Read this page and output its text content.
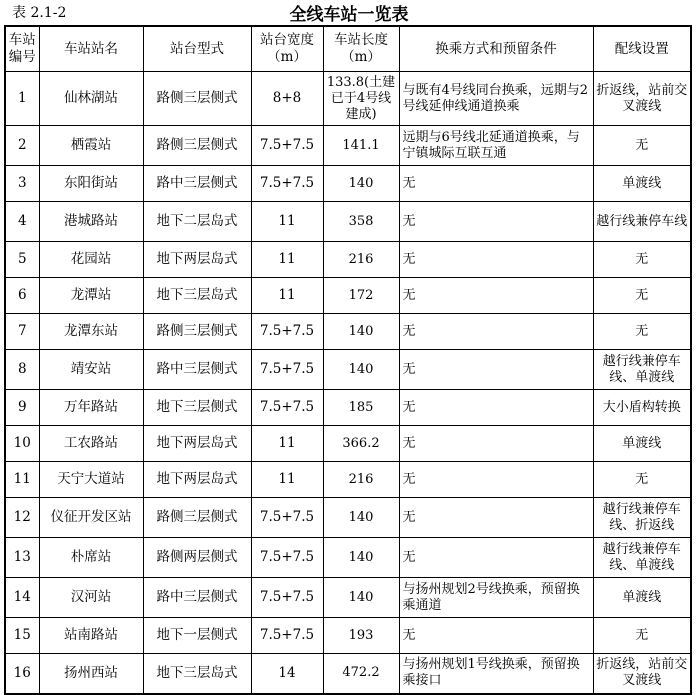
表 2.1-2	全线车站一览表
车站编号	车站站名	站台型式	站台宽度（m）	车站长度（m）	换乘方式和预留条件	配线设置
1	仙林湖站	路侧三层侧式	8+8	133.8(土建已于4号线建成)	与既有4号线同台换乘，远期与2号线延伸线通道换乘	折返线，站前交叉渡线
2	栖霞站	路侧三层侧式	7.5+7.5	141.1	远期与6号线北延通道换乘，与宁镇城际互联互通	无
3	东阳街站	路中三层侧式	7.5+7.5	140	无	单渡线
4	港城路站	地下二层岛式	11	358	无	越行线兼停车线
5	花园站	地下两层岛式	11	216	无	无
6	龙潭站	地下三层岛式	11	172	无	无
7	龙潭东站	路侧三层侧式	7.5+7.5	140	无	无
8	靖安站	路中三层侧式	7.5+7.5	140	无	越行线兼停车线、单渡线
9	万年路站	地下三层侧式	7.5+7.5	185	无	大小盾构转换
10	工农路站	地下两层岛式	11	366.2	无	单渡线
11	天宁大道站	地下两层岛式	11	216	无	无
12	仪征开发区站	路侧三层侧式	7.5+7.5	140	无	越行线兼停车线、折返线
13	朴席站	路侧两层侧式	7.5+7.5	140	无	越行线兼停车线、单渡线
14	汉河站	路中三层侧式	7.5+7.5	140	与扬州规划2号线换乘，预留换乘通道	单渡线
15	站南路站	地下一层侧式	7.5+7.5	193	无	无
16	扬州西站	地下三层岛式	14	472.2	与扬州规划1号线换乘，预留换乘接口	折返线，站前交叉渡线
